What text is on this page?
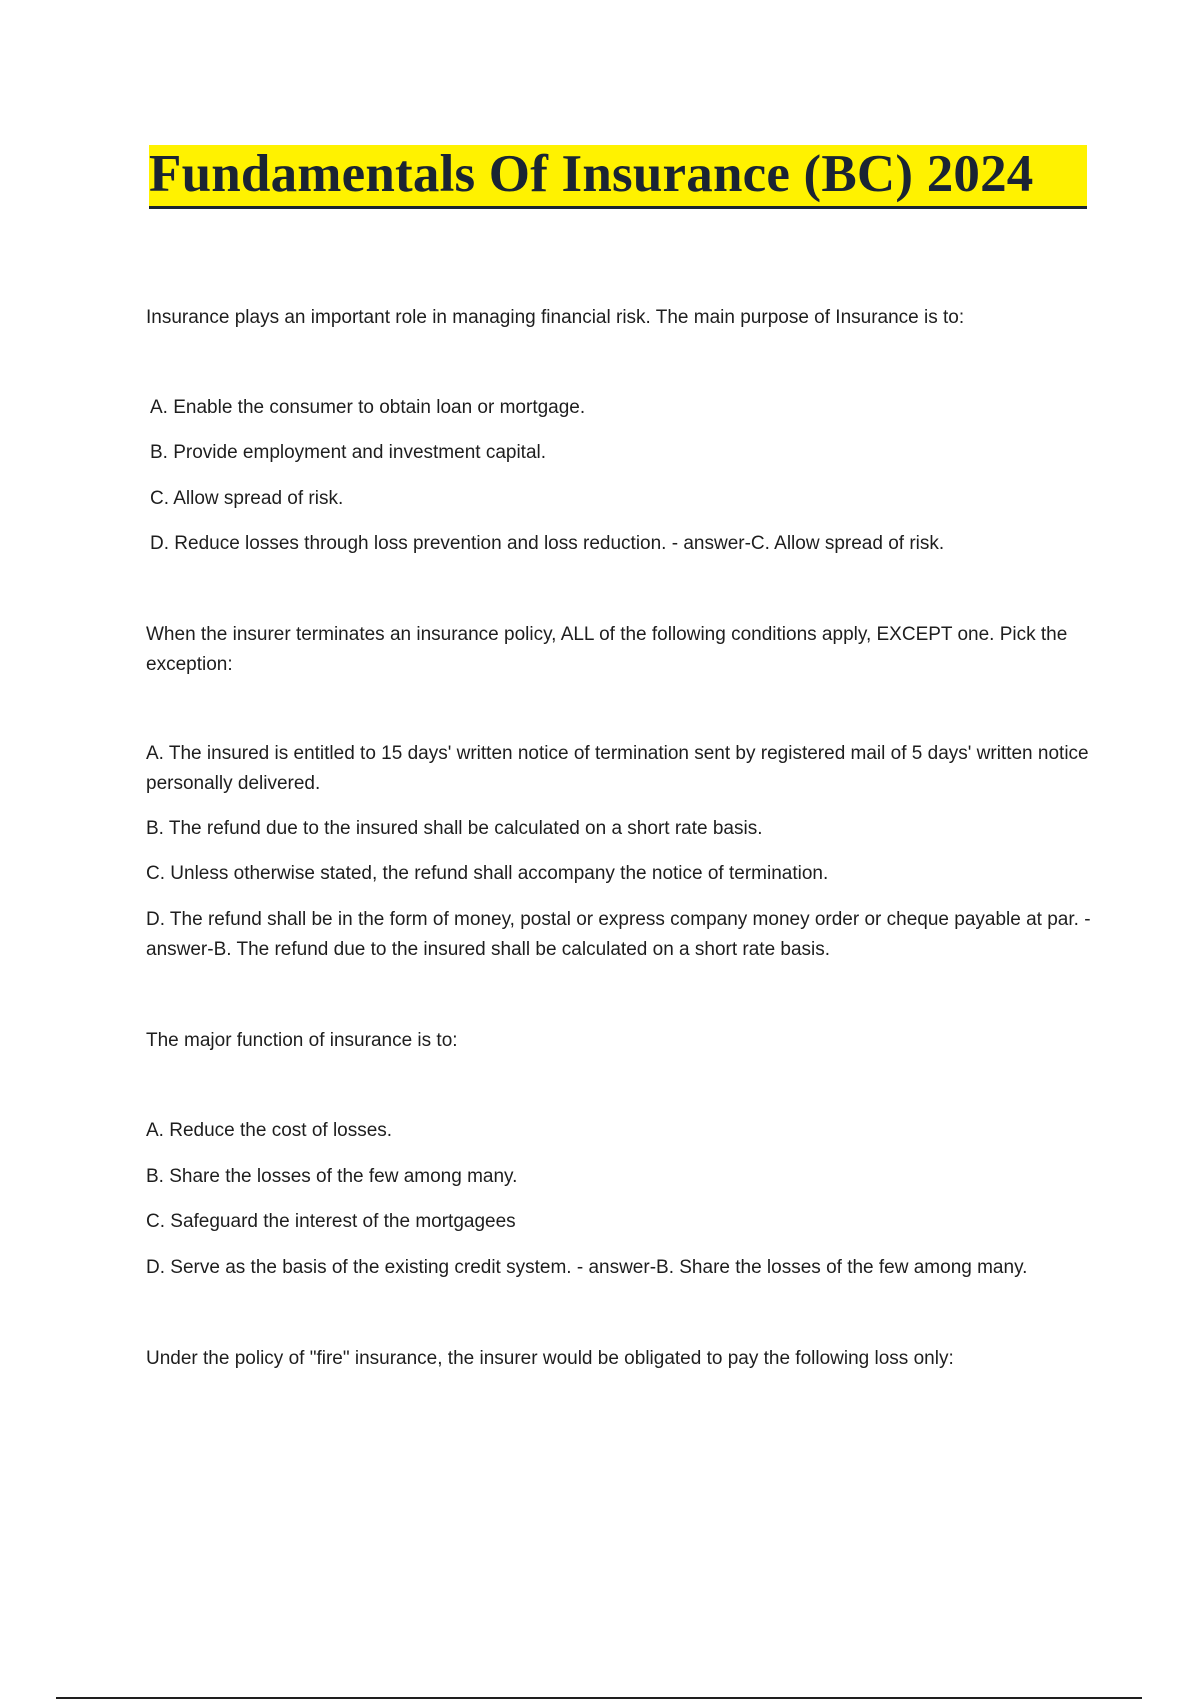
Fundamentals Of Insurance (BC) 2024
Insurance plays an important role in managing financial risk. The main purpose of Insurance is to:
A. Enable the consumer to obtain loan or mortgage.
B. Provide employment and investment capital.
C. Allow spread of risk.
D. Reduce losses through loss prevention and loss reduction. - answer-C. Allow spread of risk.
When the insurer terminates an insurance policy, ALL of the following conditions apply, EXCEPT one. Pick the exception:
A. The insured is entitled to 15 days' written notice of termination sent by registered mail of 5 days' written notice personally delivered.
B. The refund due to the insured shall be calculated on a short rate basis.
C. Unless otherwise stated, the refund shall accompany the notice of termination.
D. The refund shall be in the form of money, postal or express company money order or cheque payable at par. - answer-B. The refund due to the insured shall be calculated on a short rate basis.
The major function of insurance is to:
A. Reduce the cost of losses.
B. Share the losses of the few among many.
C. Safeguard the interest of the mortgagees
D. Serve as the basis of the existing credit system. - answer-B. Share the losses of the few among many.
Under the policy of "fire" insurance, the insurer would be obligated to pay the following loss only:
